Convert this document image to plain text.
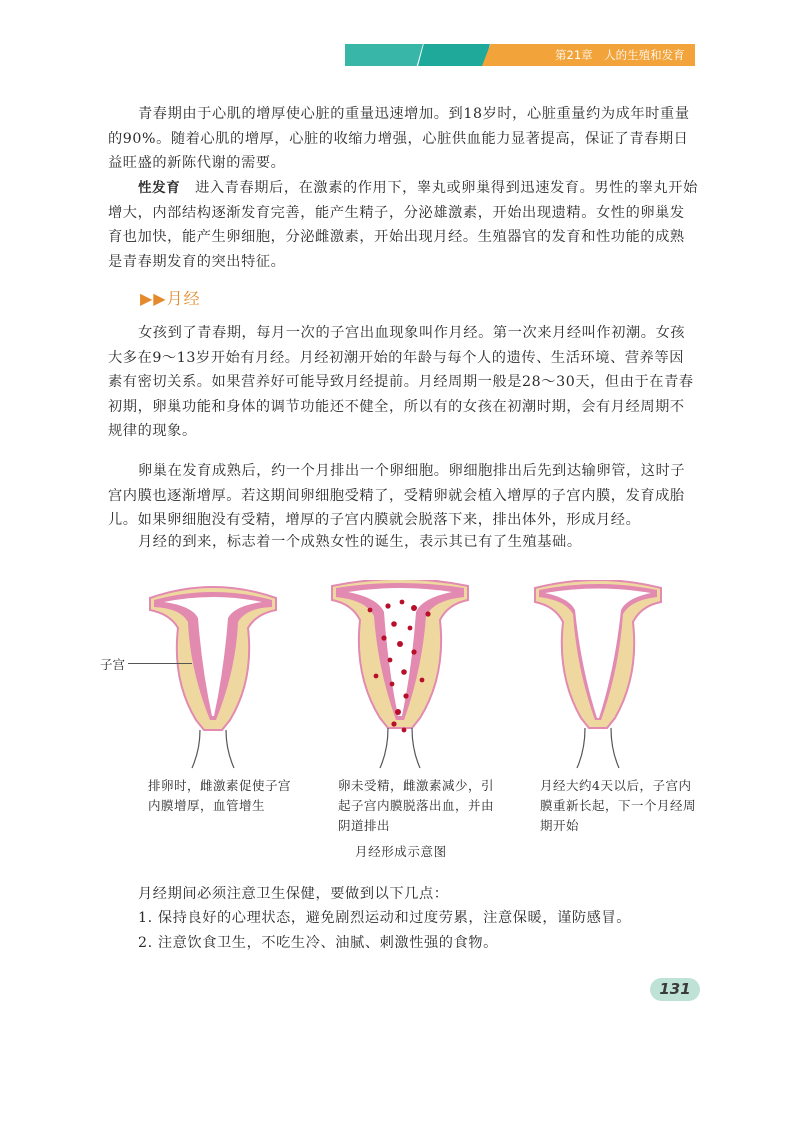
第21章　人的生殖和发育
青春期由于心肌的增厚使心脏的重量迅速增加。到18岁时，心脏重量约为成年时重量的90%。随着心肌的增厚，心脏的收缩力增强，心脏供血能力显著提高，保证了青春期日益旺盛的新陈代谢的需要。
性发育　进入青春期后，在激素的作用下，睾丸或卵巢得到迅速发育。男性的睾丸开始增大，内部结构逐渐发育完善，能产生精子，分泌雄激素，开始出现遗精。女性的卵巢发育也加快，能产生卵细胞，分泌雌激素，开始出现月经。生殖器官的发育和性功能的成熟是青春期发育的突出特征。
▶▶月经
女孩到了青春期，每月一次的子宫出血现象叫作月经。第一次来月经叫作初潮。女孩大多在9～13岁开始有月经。月经初潮开始的年龄与每个人的遗传、生活环境、营养等因素有密切关系。如果营养好可能导致月经提前。月经周期一般是28～30天，但由于在青春初期，卵巢功能和身体的调节功能还不健全，所以有的女孩在初潮时期，会有月经周期不规律的现象。
卵巢在发育成熟后，约一个月排出一个卵细胞。卵细胞排出后先到达输卵管，这时子宫内膜也逐渐增厚。若这期间卵细胞受精了，受精卵就会植入增厚的子宫内膜，发育成胎儿。如果卵细胞没有受精，增厚的子宫内膜就会脱落下来，排出体外，形成月经。
月经的到来，标志着一个成熟女性的诞生，表示其已有了生殖基础。
子宫
排卵时，雌激素促使子宫内膜增厚，血管增生
卵未受精，雌激素减少，引起子宫内膜脱落出血，并由阴道排出
月经大约4天以后，子宫内膜重新长起，下一个月经周期开始
月经形成示意图
月经期间必须注意卫生保健，要做到以下几点：
1. 保持良好的心理状态，避免剧烈运动和过度劳累，注意保暖，谨防感冒。
2. 注意饮食卫生，不吃生冷、油腻、刺激性强的食物。
131
